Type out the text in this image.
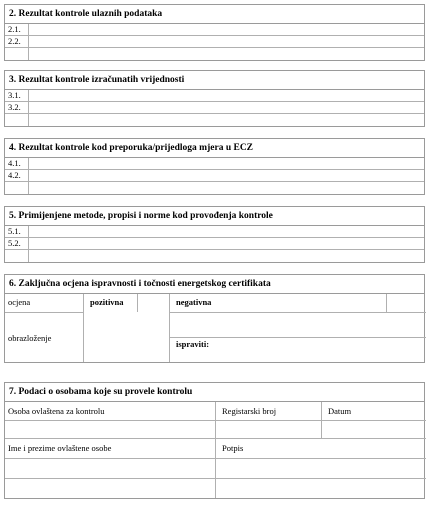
2. Rezultat kontrole ulaznih podataka
2.1.
2.2.
3. Rezultat kontrole izračunatih vrijednosti
3.1.
3.2.
4. Rezultat kontrole kod preporuka/prijedloga mjera u ECZ
4.1.
4.2.
5. Primijenjene metode, propisi i norme kod provođenja kontrole
5.1.
5.2.
6. Zaključna ocjena ispravnosti i točnosti energetskog certifikata
ocjena	pozitivna	negativna
obrazloženje
ispraviti:
7. Podaci o osobama koje su provele kontrolu
Osoba ovlaštena za kontrolu	Registarski broj	Datum
Ime i prezime ovlaštene osobe	Potpis
